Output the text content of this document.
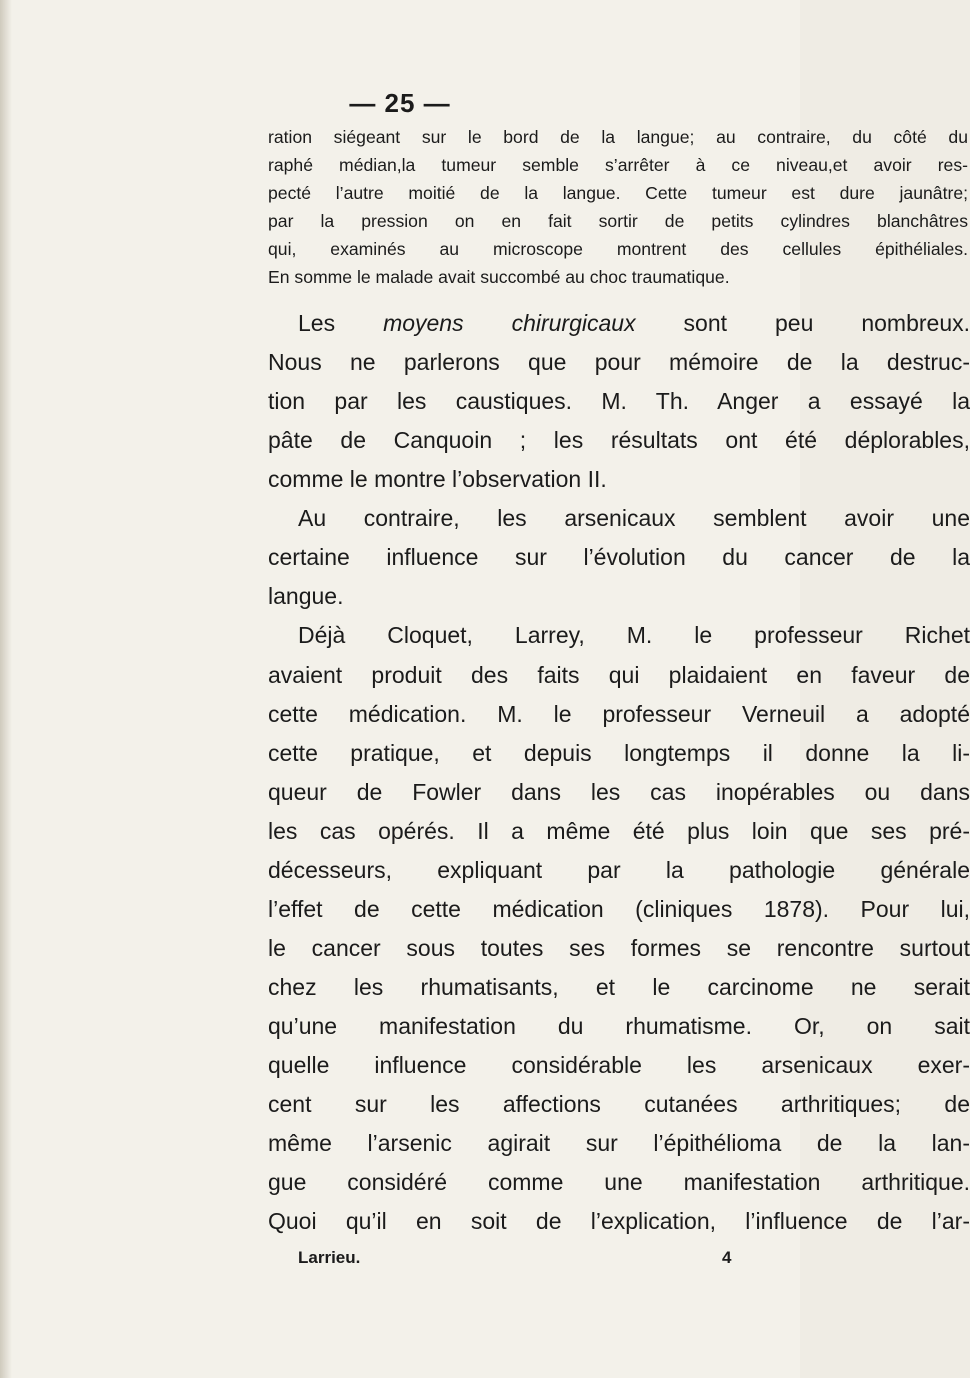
— 25 —
ration siégeant sur le bord de la langue; au contraire, du côté du
raphé médian,la tumeur semble s’arrêter à ce niveau,et avoir res-
pecté l’autre moitié de la langue. Cette tumeur est dure jaunâtre;
par la pression on en fait sortir de petits cylindres blanchâtres
qui, examinés au microscope montrent des cellules épithéliales.
En somme le malade avait succombé au choc traumatique.
Les moyens chirurgicaux sont peu nombreux.
Nous ne parlerons que pour mémoire de la destruc-
tion par les caustiques. M. Th. Anger a essayé la
pâte de Canquoin ; les résultats ont été déplorables,
comme le montre l’observation II.
Au contraire, les arsenicaux semblent avoir une
certaine influence sur l’évolution du cancer de la
langue.
Déjà Cloquet, Larrey, M. le professeur Richet
avaient produit des faits qui plaidaient en faveur de
cette médication. M. le professeur Verneuil a adopté
cette pratique, et depuis longtemps il donne la li-
queur de Fowler dans les cas inopérables ou dans
les cas opérés. Il a même été plus loin que ses pré-
décesseurs, expliquant par la pathologie générale
l’effet de cette médication (cliniques 1878). Pour lui,
le cancer sous toutes ses formes se rencontre surtout
chez les rhumatisants, et le carcinome ne serait
qu’une manifestation du rhumatisme. Or, on sait
quelle influence considérable les arsenicaux exer-
cent sur les affections cutanées arthritiques; de
même l’arsenic agirait sur l’épithélioma de la lan-
gue considéré comme une manifestation arthritique.
Quoi qu’il en soit de l’explication, l’influence de l’ar-
Larrieu.	4
